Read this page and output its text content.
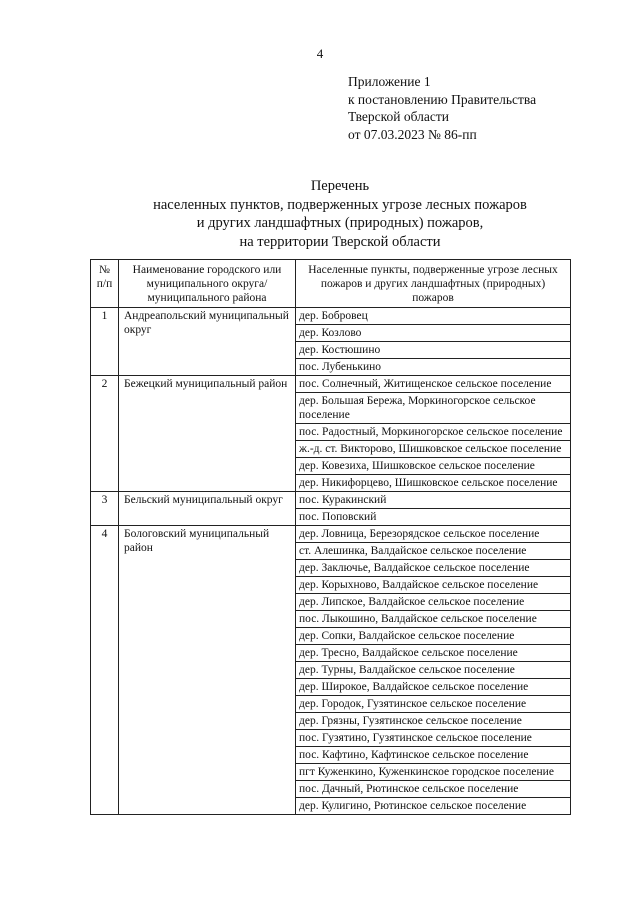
4
Приложение 1
к постановлению Правительства
Тверской области
от 07.03.2023 № 86-пп
Перечень
населенных пунктов, подверженных угрозе лесных пожаров
и других ландшафтных (природных) пожаров,
на территории Тверской области
№ п/п	Наименование городского или муниципального округа/муниципального района	Населенные пункты, подверженные угрозе лесных пожаров и других ландшафтных (природных) пожаров
1	Андреапольский муниципальный округ	дер. Бобровец
		дер. Козлово
		дер. Костюшино
		пос. Лубенькино
2	Бежецкий муниципальный район	пос. Солнечный, Житищенское сельское поселение
		дер. Большая Бережа, Моркиногорское сельское поселение
		пос. Радостный, Моркиногорское сельское поселение
		ж.-д. ст. Викторово, Шишковское сельское поселение
		дер. Ковезиха, Шишковское сельское поселение
		дер. Никифорцево, Шишковское сельское поселение
3	Бельский муниципальный округ	пос. Куракинский
		пос. Поповский
4	Бологовский муниципальный район	дер. Ловница, Березорядское сельское поселение
		ст. Алешинка, Валдайское сельское поселение
		дер. Заключье, Валдайское сельское поселение
		дер. Корыхново, Валдайское сельское поселение
		дер. Липское, Валдайское сельское поселение
		пос. Лыкошино, Валдайское сельское поселение
		дер. Сопки, Валдайское сельское поселение
		дер. Тресно, Валдайское сельское поселение
		дер. Турны, Валдайское сельское поселение
		дер. Широкое, Валдайское сельское поселение
		дер. Городок, Гузятинское сельское поселение
		дер. Грязны, Гузятинское сельское поселение
		пос. Гузятино, Гузятинское сельское поселение
		пос. Кафтино, Кафтинское сельское поселение
		пгт Куженкино, Куженкинское городское поселение
		пос. Дачный, Рютинское сельское поселение
		дер. Кулигино, Рютинское сельское поселение
